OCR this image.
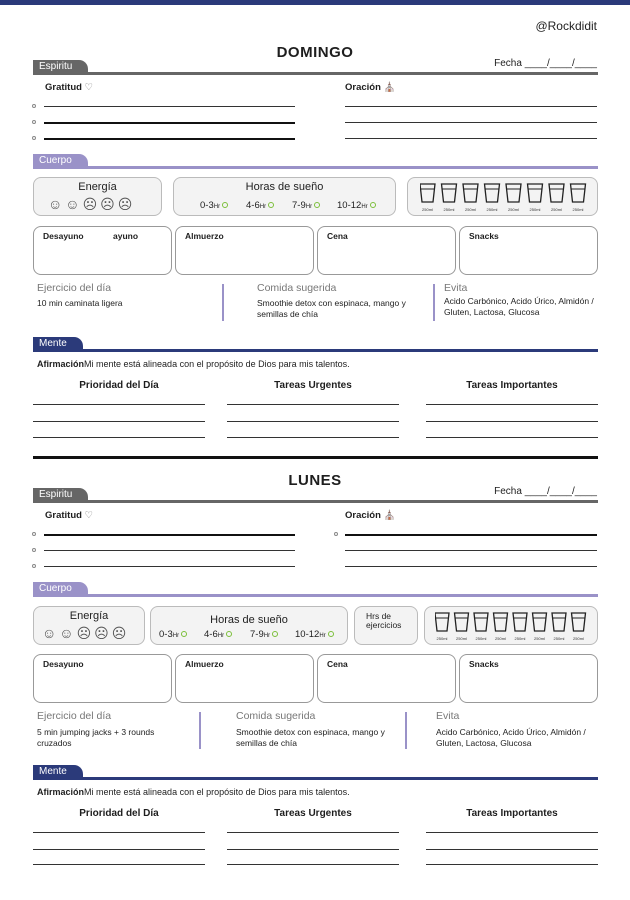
@Rockdidit
DOMINGO
Espiritu	Fecha ____/____/____
Gratitud ♡	Oración ⛪
Cuerpo
Energía
☺☺☹☹☹
Horas de sueño
0-3Hr	4-6Hr	7-9Hr	10-12Hr	250ml	250ml	250ml	250ml	250ml	250ml	250ml	250ml
Desayuno	ayuno	Almuerzo	Cena	Snacks
Ejercicio del día
10 min caminata ligera
Comida sugerida
Smoothie detox con espinaca, mango y semillas de chía
Evita
Acido Carbónico, Acido Úrico, Almidón / Gluten, Lactosa, Glucosa
Mente
AfirmaciónMi mente está alineada con el propósito de Dios para mis talentos.
Prioridad del Día	Tareas Urgentes	Tareas Importantes
LUNES
Espiritu	Fecha ____/____/____
Gratitud ♡	Oración ⛪
Cuerpo
Energía
☺☺☹☹☹
Horas de sueño
0-3Hr	4-6Hr	7-9Hr	10-12Hr
Hrs de ejercicios
250ml 250ml 250ml 250ml 250ml 250ml 250ml 250ml
Desayuno	Almuerzo	Cena	Snacks
Ejercicio del día
5 min jumping jacks + 3 rounds cruzados
Comida sugerida
Smoothie detox con espinaca, mango y semillas de chía
Evita
Acido Carbónico, Acido Úrico, Almidón / Gluten, Lactosa, Glucosa
Mente
AfirmaciónMi mente está alineada con el propósito de Dios para mis talentos.
Prioridad del Día	Tareas Urgentes	Tareas Importantes
